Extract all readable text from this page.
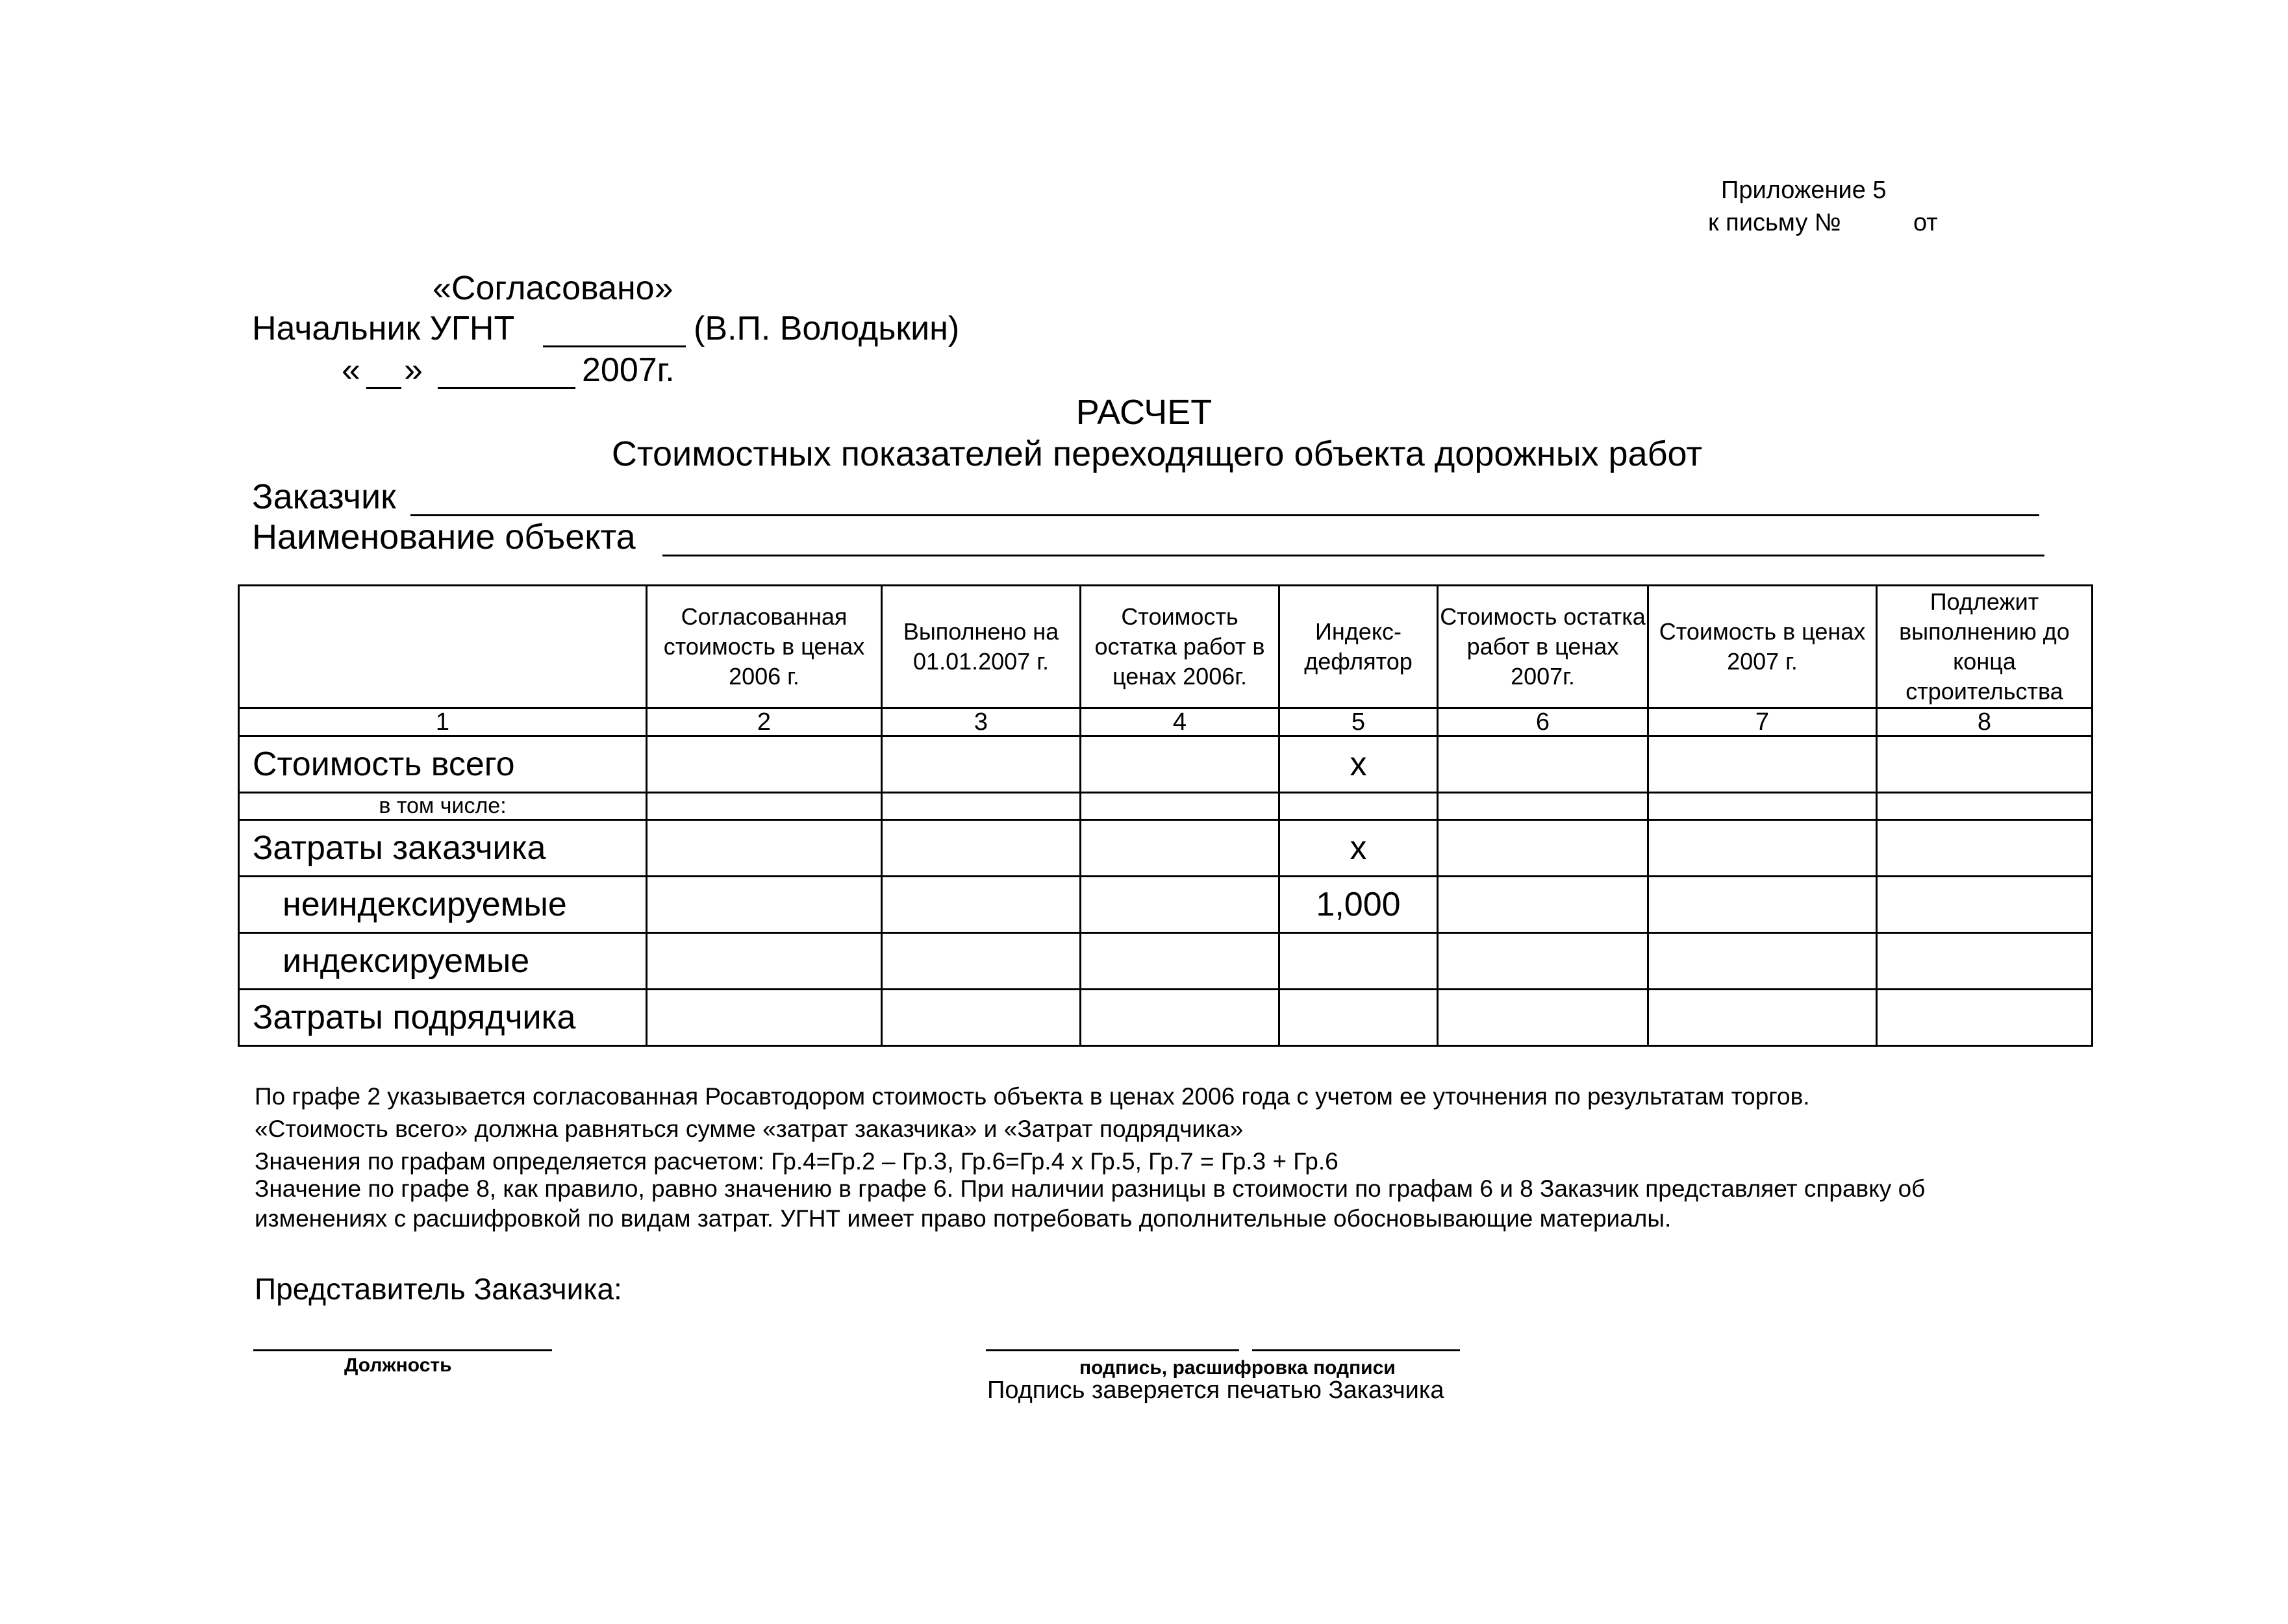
Приложение 5
к письму №	от
«Согласовано»
Начальник УГНТ	(В.П. Володькин)
« »	2007г.
РАСЧЕТ
Стоимостных показателей переходящего объекта дорожных работ
Заказчик
Наименование объекта
	Согласованная стоимость в ценах 2006 г.	Выполнено на 01.01.2007 г.	Стоимость остатка работ в ценах 2006г.	Индекс-дефлятор	Стоимость остатка работ в ценах 2007г.	Стоимость в ценах 2007 г.	Подлежит выполнению до конца строительства
1	2	3	4	5	6	7	8
Стоимость всего				x			
в том числе:							
Затраты заказчика				x			
неиндексируемые				1,000			
индексируемые							
Затраты подрядчика							
По графе 2 указывается согласованная Росавтодором стоимость объекта в ценах 2006 года с учетом ее уточнения по результатам торгов.
«Стоимость всего» должна равняться сумме «затрат заказчика» и «Затрат подрядчика»
Значения по графам определяется расчетом: Гр.4=Гр.2 – Гр.3, Гр.6=Гр.4 x Гр.5, Гр.7 = Гр.3 + Гр.6
Значение по графе 8, как правило, равно значению в графе 6. При наличии разницы в стоимости по графам 6 и 8 Заказчик представляет справку об
изменениях с расшифровкой по видам затрат. УГНТ имеет право потребовать дополнительные обосновывающие материалы.
Представитель Заказчика:
Должность	подпись, расшифровка подписи
Подпись заверяется печатью Заказчика
